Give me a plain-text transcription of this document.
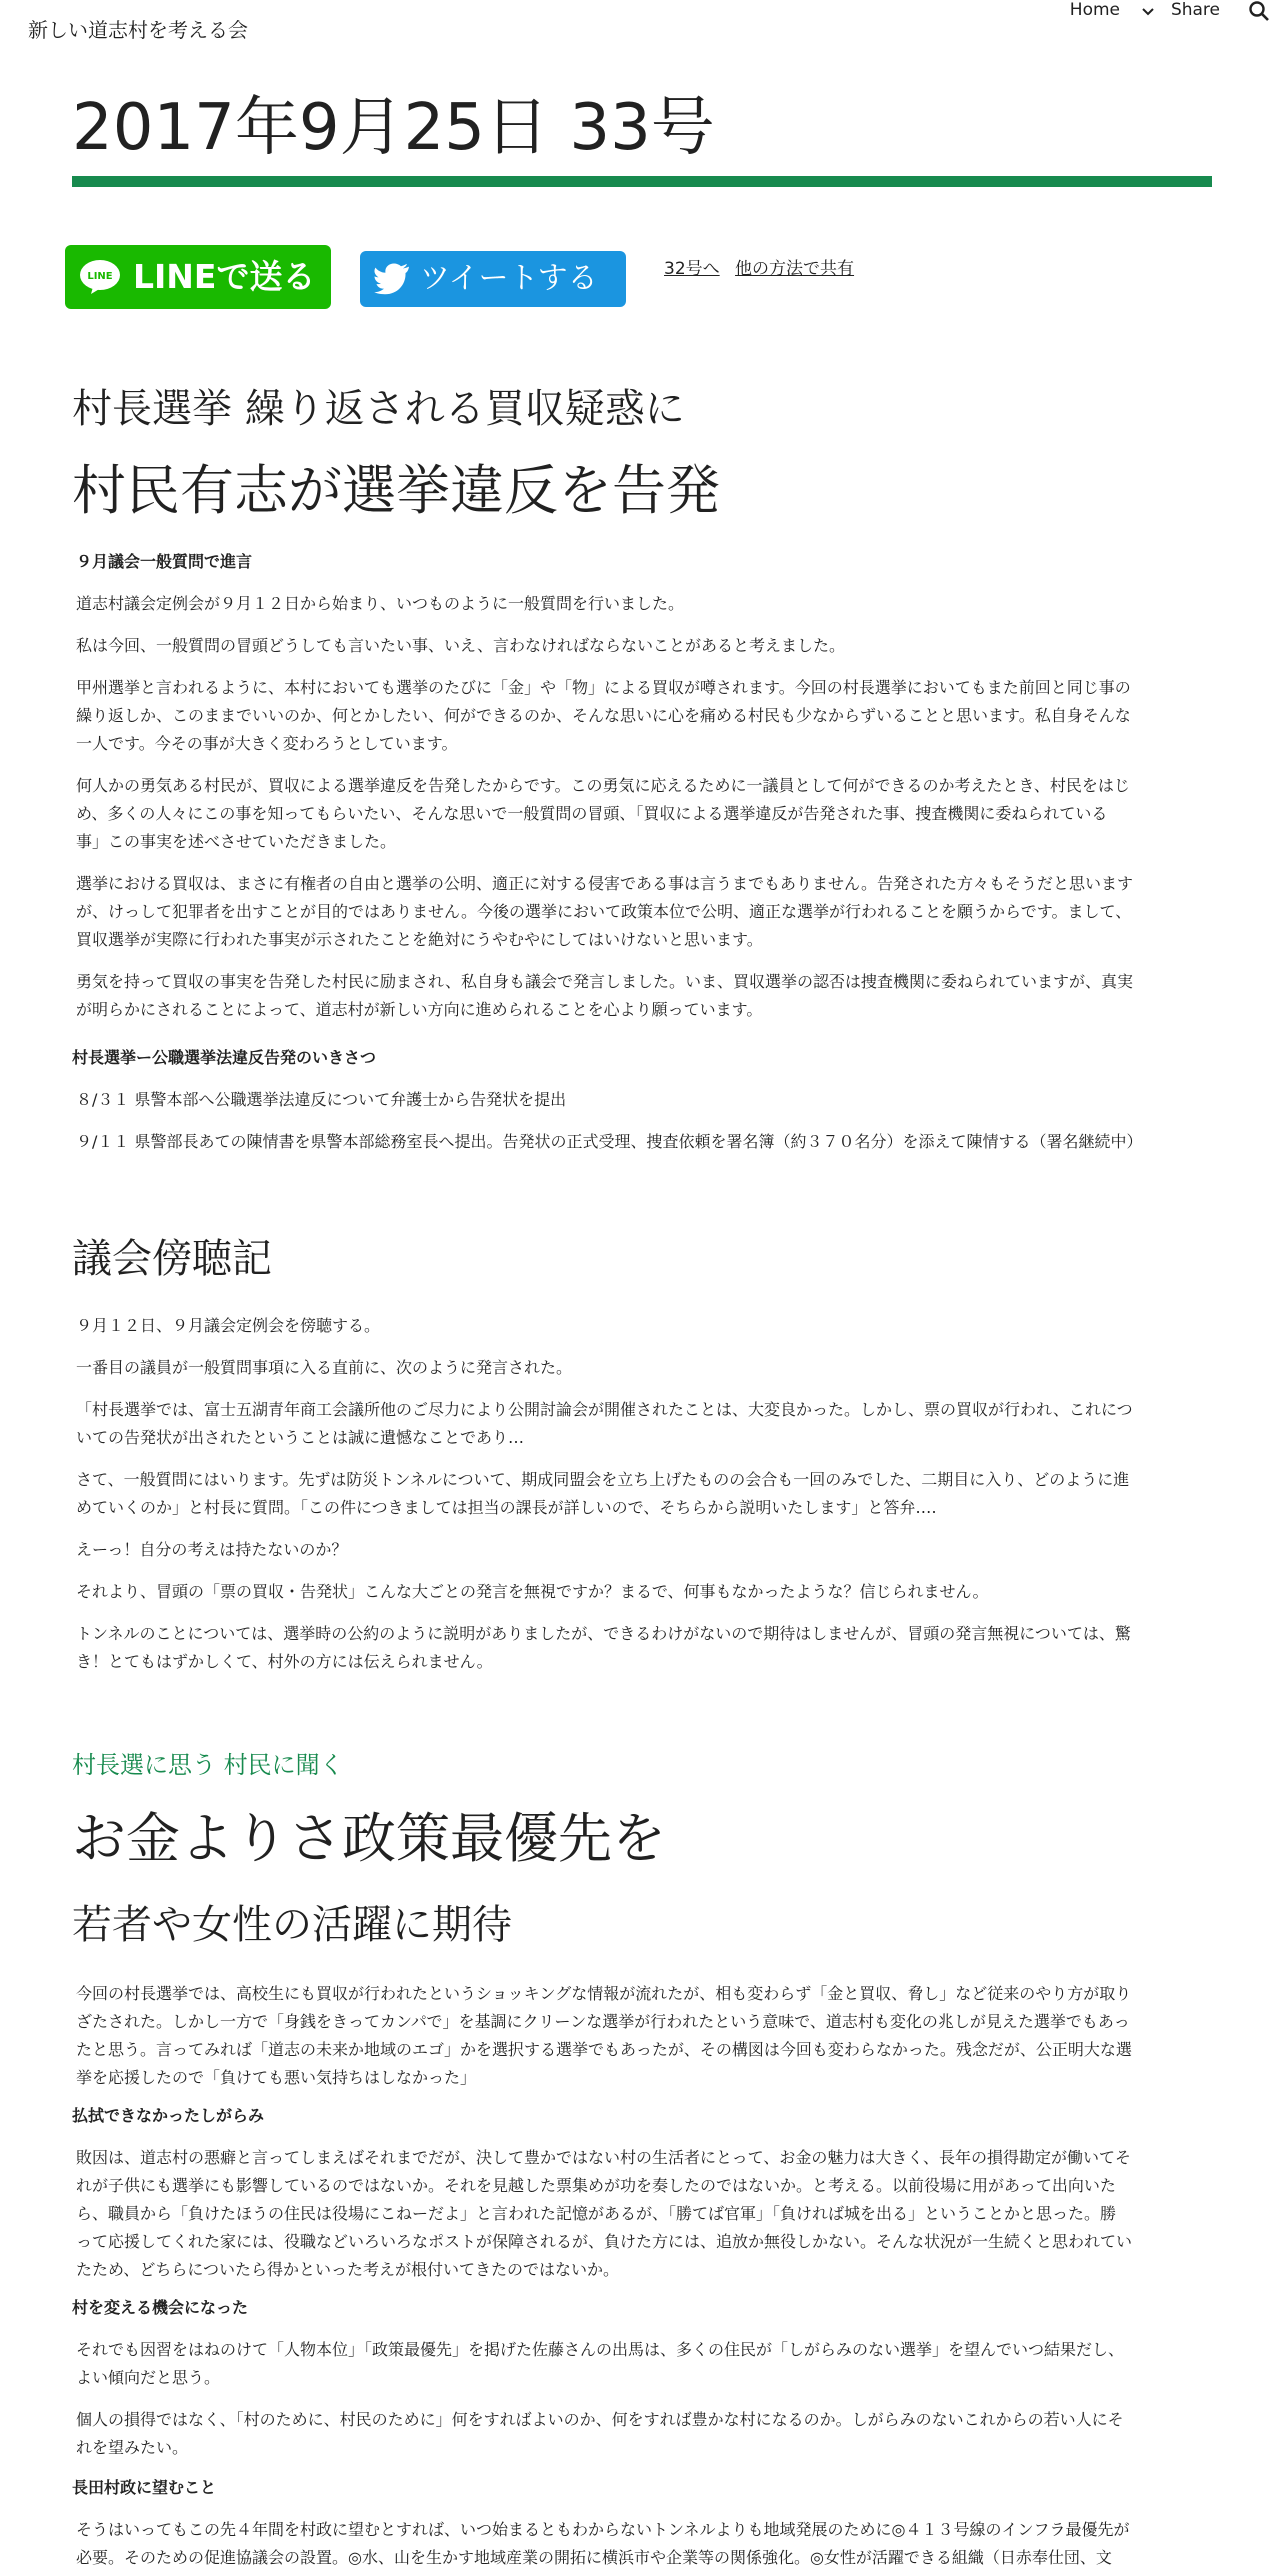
新しい道志村を考える会
Home	Share
2017年9月25日 33号
LINE LINEで送る	ツイートする	32号へ 他の方法で共有
村長選挙 繰り返される買収疑惑に
村民有志が選挙違反を告発
９月議会一般質問で進言
道志村議会定例会が９月１２日から始まり、いつものように一般質問を行いました。
私は今回、一般質問の冒頭どうしても言いたい事、いえ、言わなければならないことがあると考えました。
甲州選挙と言われるように、本村においても選挙のたびに「金」や「物」による買収が噂されます。今回の村長選挙においてもまた前回と同じ事の
繰り返しか、このままでいいのか、何とかしたい、何ができるのか、そんな思いに心を痛める村民も少なからずいることと思います。私自身そんな
一人です。今その事が大きく変わろうとしています。
何人かの勇気ある村民が、買収による選挙違反を告発したからです。この勇気に応えるために一議員として何ができるのか考えたとき、村民をはじ
め、多くの人々にこの事を知ってもらいたい、そんな思いで一般質問の冒頭、「買収による選挙違反が告発された事、捜査機関に委ねられている
事」この事実を述べさせていただきました。
選挙における買収は、まさに有権者の自由と選挙の公明、適正に対する侵害である事は言うまでもありません。告発された方々もそうだと思います
が、けっして犯罪者を出すことが目的ではありません。今後の選挙において政策本位で公明、適正な選挙が行われることを願うからです。まして、
買収選挙が実際に行われた事実が示されたことを絶対にうやむやにしてはいけないと思います。
勇気を持って買収の事実を告発した村民に励まされ、私自身も議会で発言しました。いま、買収選挙の認否は捜査機関に委ねられていますが、真実
が明らかにされることによって、道志村が新しい方向に進められることを心より願っています。
村長選挙ー公職選挙法違反告発のいきさつ
８/３１ 県警本部へ公職選挙法違反について弁護士から告発状を提出
９/１１ 県警部長あての陳情書を県警本部総務室長へ提出。告発状の正式受理、捜査依頼を署名簿（約３７０名分）を添えて陳情する（署名継続中）
議会傍聴記
９月１２日、９月議会定例会を傍聴する。
一番目の議員が一般質問事項に入る直前に、次のように発言された。
「村長選挙では、富士五湖青年商工会議所他のご尽力により公開討論会が開催されたことは、大変良かった。しかし、票の買収が行われ、これにつ
いての告発状が出されたということは誠に遺憾なことであり…
さて、一般質問にはいります。先ずは防災トンネルについて、期成同盟会を立ち上げたものの会合も一回のみでした、二期目に入り、どのように進
めていくのか」と村長に質問。「この件につきましては担当の課長が詳しいので、そちらから説明いたします」と答弁‥‥
えーっ！自分の考えは持たないのか？
それより、冒頭の「票の買収・告発状」こんな大ごとの発言を無視ですか？まるで、何事もなかったような？信じられません。
トンネルのことについては、選挙時の公約のように説明がありましたが、できるわけがないので期待はしませんが、冒頭の発言無視については、驚
き！とてもはずかしくて、村外の方には伝えられません。
村長選に思う 村民に聞く
お金よりさ政策最優先を
若者や女性の活躍に期待
今回の村長選挙では、高校生にも買収が行われたというショッキングな情報が流れたが、相も変わらず「金と買収、脅し」など従来のやり方が取り
ざたされた。しかし一方で「身銭をきってカンパで」を基調にクリーンな選挙が行われたという意味で、道志村も変化の兆しが見えた選挙でもあっ
たと思う。言ってみれば「道志の未来か地域のエゴ」かを選択する選挙でもあったが、その構図は今回も変わらなかった。残念だが、公正明大な選
挙を応援したので「負けても悪い気持ちはしなかった」
払拭できなかったしがらみ
敗因は、道志村の悪癖と言ってしまえばそれまでだが、決して豊かではない村の生活者にとって、お金の魅力は大きく、長年の損得勘定が働いてそ
れが子供にも選挙にも影響しているのではないか。それを見越した票集めが功を奏したのではないか。と考える。以前役場に用があって出向いた
ら、職員から「負けたほうの住民は役場にこねーだよ」と言われた記憶があるが、「勝てば官軍」「負ければ城を出る」ということかと思った。勝
って応援してくれた家には、役職などいろいろなポストが保障されるが、負けた方には、追放か無役しかない。そんな状況が一生続くと思われてい
たため、どちらについたら得かといった考えが根付いてきたのではないか。
村を変える機会になった
それでも因習をはねのけて「人物本位」「政策最優先」を掲げた佐藤さんの出馬は、多くの住民が「しがらみのない選挙」を望んでいつ結果だし、
よい傾向だと思う。
個人の損得ではなく、「村のために、村民のために」何をすればよいのか、何をすれば豊かな村になるのか。しがらみのないこれからの若い人にそ
れを望みたい。
長田村政に望むこと
そうはいってもこの先４年間を村政に望むとすれば、いつ始まるともわからないトンネルよりも地域発展のために◎４１３号線のインフラ最優先が
必要。そのための促進協議会の設置。◎水、山を生かす地域産業の開拓に横浜市や企業等の関係強化。◎女性が活躍できる組織（日赤奉仕団、文
